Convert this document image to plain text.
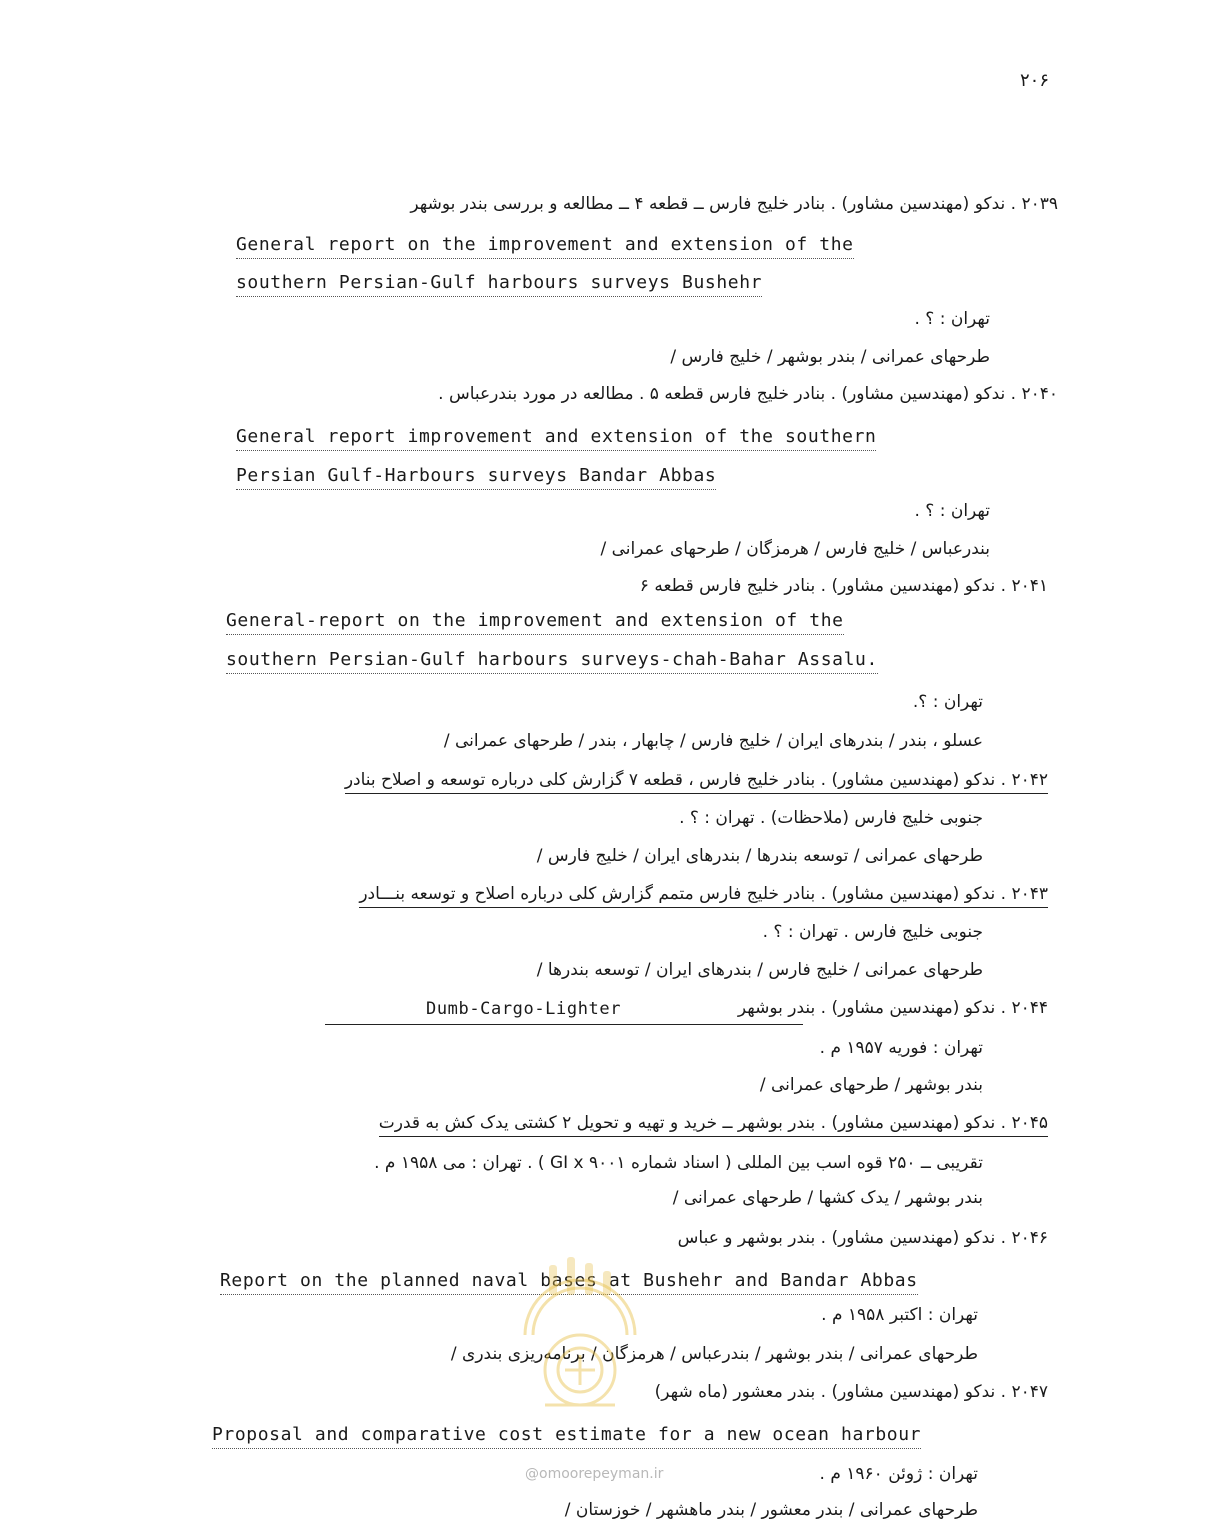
۲۰۶
۲۰۳۹ . ندکو (مهندسین مشاور) . بنادر خلیج فارس ــ قطعه ۴ ــ مطالعه و بررسی بندر بوشهر
General report on the improvement and extension of the
southern Persian-Gulf harbours surveys Bushehr
تهران : ؟ .
طرحهای عمرانی / بندر بوشهر / خلیج فارس /
۲۰۴۰ . ندکو (مهندسین مشاور) . بنادر خلیج فارس قطعه ۵ . مطالعه در مورد بندرعباس .
General report improvement and extension of the southern
Persian Gulf-Harbours surveys Bandar Abbas
تهران : ؟ .
بندرعباس / خلیج فارس / هرمزگان / طرحهای عمرانی /
۲۰۴۱ . ندکو (مهندسین مشاور) . بنادر خلیج فارس قطعه ۶
General-report on the improvement and extension of the
southern Persian-Gulf harbours surveys-chah-Bahar Assalu.
تهران : ؟.
عسلو ، بندر / بندرهای ایران / خلیج فارس / چابهار ، بندر / طرحهای عمرانی /
۲۰۴۲ . ندکو (مهندسین مشاور) . بنادر خلیج فارس ، قطعه ۷ گزارش کلی درباره توسعه و اصلاح بنادر
جنوبی خلیج فارس (ملاحظات) . تهران : ؟ .
طرحهای عمرانی / توسعه بندرها / بندرهای ایران / خلیج فارس /
۲۰۴۳ . ندکو (مهندسین مشاور) . بنادر خلیج فارس متمم گزارش کلی درباره اصلاح و توسعه بنـــادر
جنوبی خلیج فارس . تهران : ؟ .
طرحهای عمرانی / خلیج فارس / بندرهای ایران / توسعه بندرها /
۲۰۴۴ . ندکو (مهندسین مشاور) . بندر بوشهر
Dumb-Cargo-Lighter
تهران : فوریه ۱۹۵۷ م .
بندر بوشهر / طرحهای عمرانی /
۲۰۴۵ . ندکو (مهندسین مشاور) . بندر بوشهر ــ خرید و تهیه و تحویل ۲ کشتی یدک کش به قدرت
تقریبی ــ ۲۵۰ قوه اسب بین المللی ( اسناد شماره GI x ۹۰۰۱ ) . تهران : می ۱۹۵۸ م .
بندر بوشهر / یدک کشها / طرحهای عمرانی /
۲۰۴۶ . ندکو (مهندسین مشاور) . بندر بوشهر و عباس
Report on the planned naval bases at Bushehr and Bandar Abbas
تهران : اکتبر ۱۹۵۸ م .
طرحهای عمرانی / بندر بوشهر / بندرعباس / هرمزگان / برنامه‌ریزی بندری /
۲۰۴۷ . ندکو (مهندسین مشاور) . بندر معشور (ماه شهر)
Proposal and comparative cost estimate for a new ocean harbour
تهران : ژوئن ۱۹۶۰ م .
طرحهای عمرانی / بندر معشور / بندر ماهشهر / خوزستان /
@omoorepeyman.ir
